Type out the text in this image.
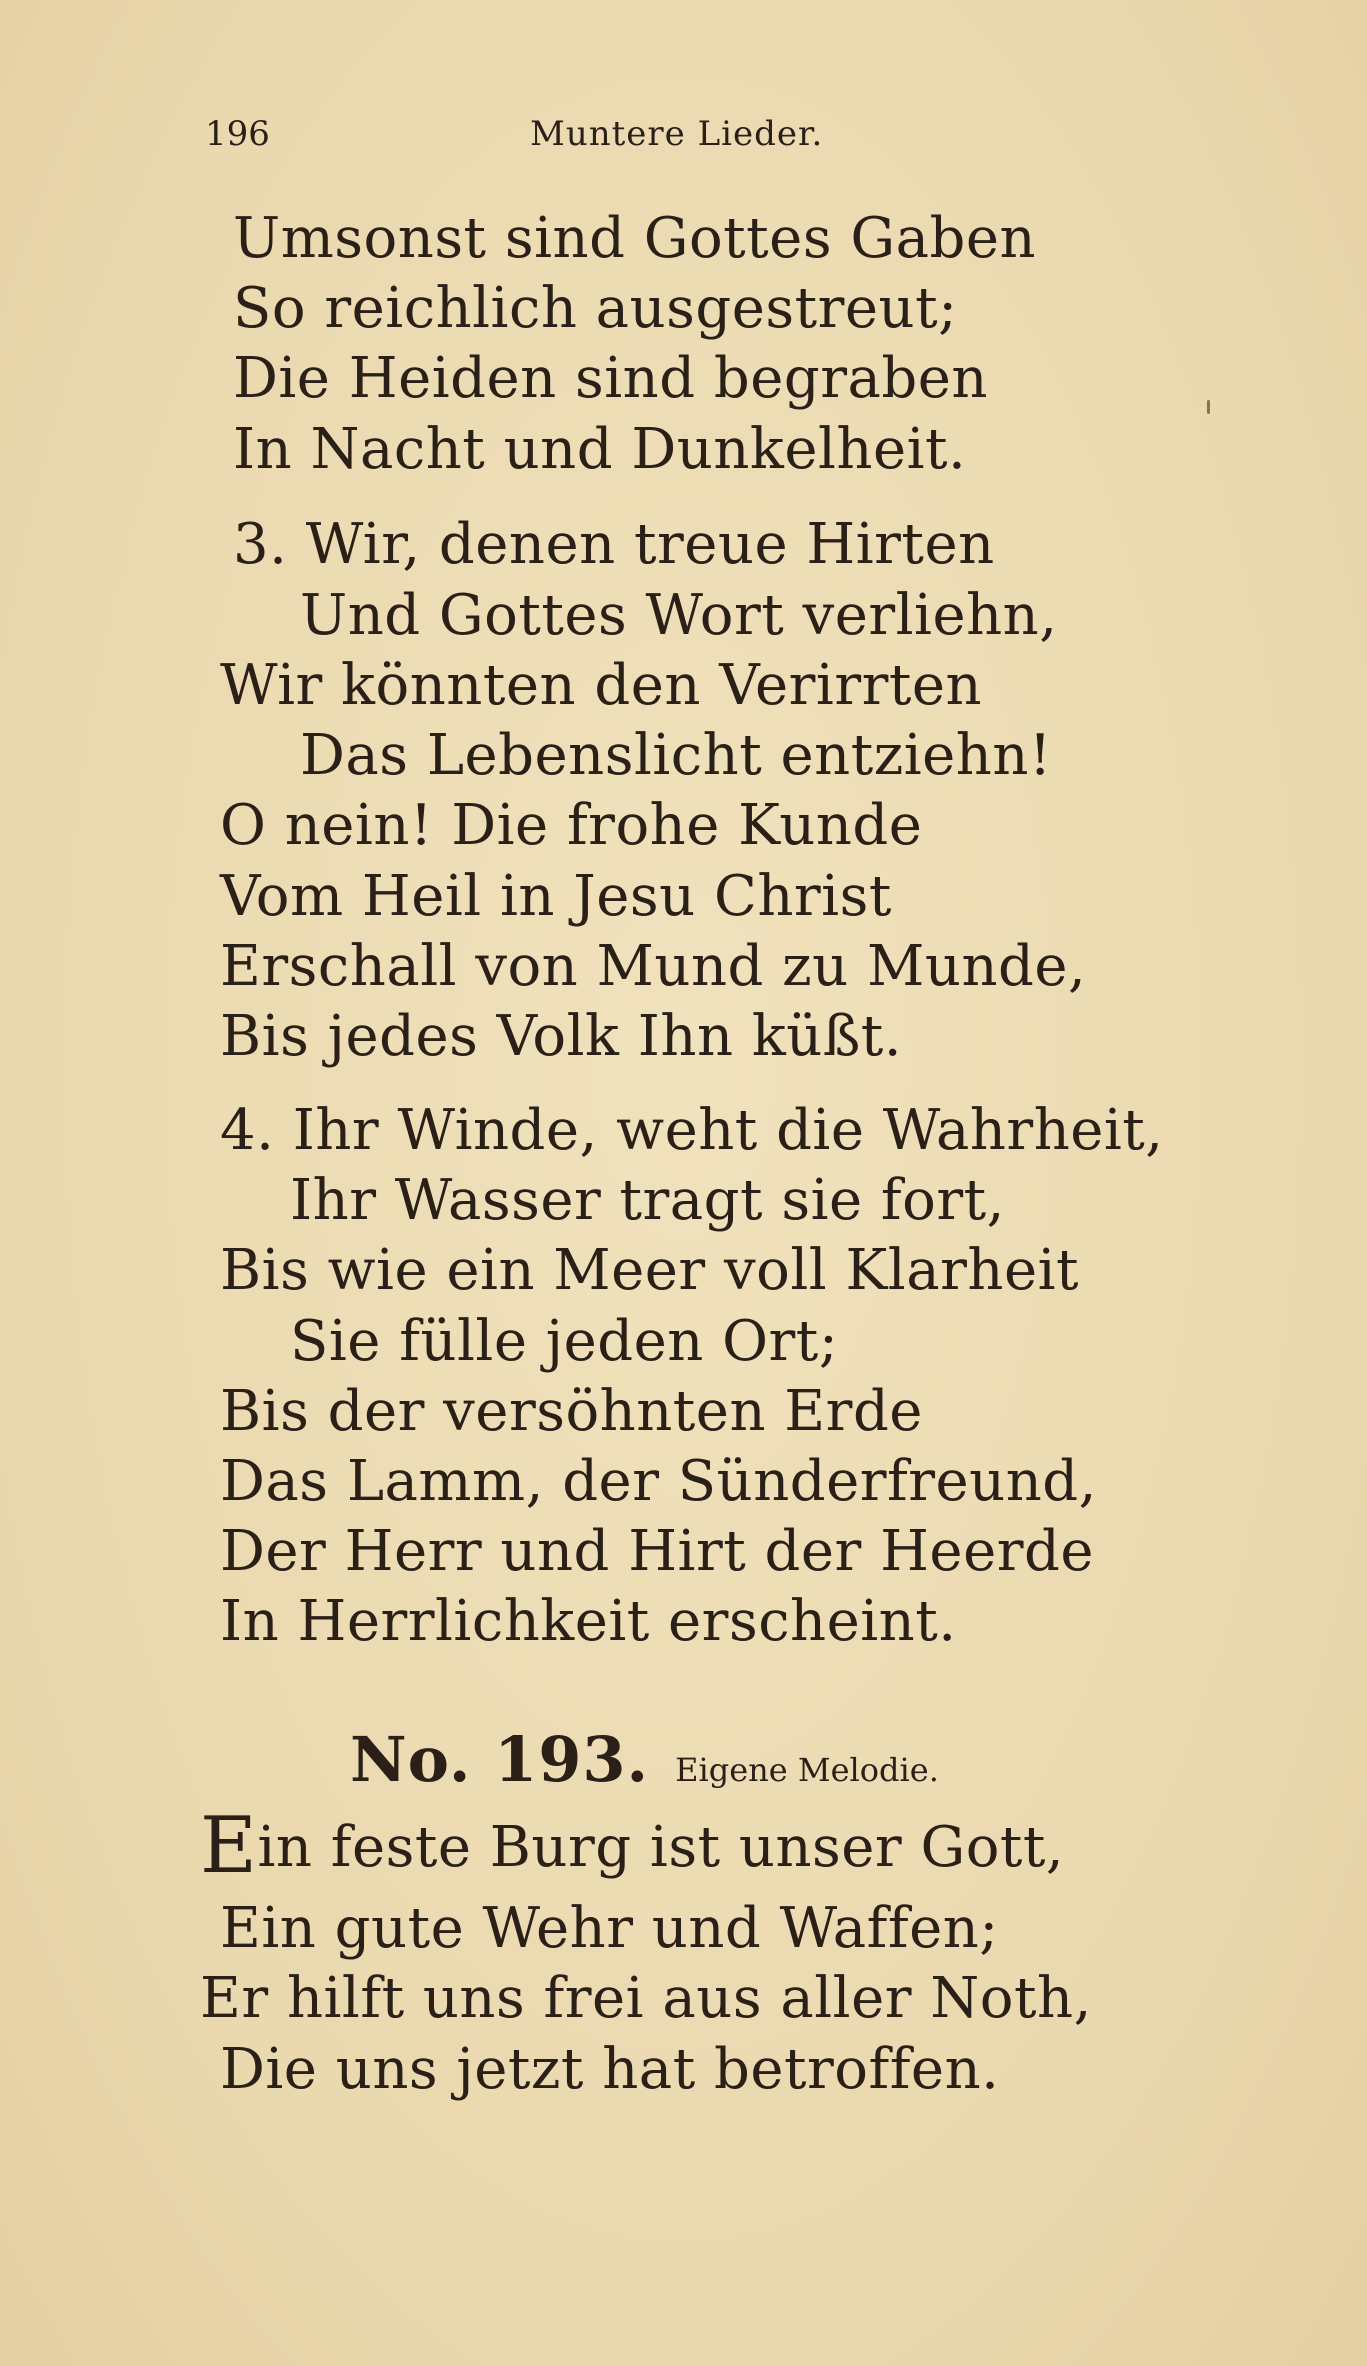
196	Muntere Lieder.
Umsonst sind Gottes Gaben
So reichlich ausgestreut;
Die Heiden sind begraben
In Nacht und Dunkelheit.
3. Wir, denen treue Hirten
Und Gottes Wort verliehn,
Wir könnten den Verirrten
Das Lebenslicht entziehn!
O nein! Die frohe Kunde
Vom Heil in Jesu Christ
Erschall von Mund zu Munde,
Bis jedes Volk Ihn küßt.
4. Ihr Winde, weht die Wahrheit,
Ihr Wasser tragt sie fort,
Bis wie ein Meer voll Klarheit
Sie fülle jeden Ort;
Bis der versöhnten Erde
Das Lamm, der Sünderfreund,
Der Herr und Hirt der Heerde
In Herrlichkeit erscheint.
No. 193. Eigene Melodie.
Ein feste Burg ist unser Gott,
Ein gute Wehr und Waffen;
Er hilft uns frei aus aller Noth,
Die uns jetzt hat betroffen.
